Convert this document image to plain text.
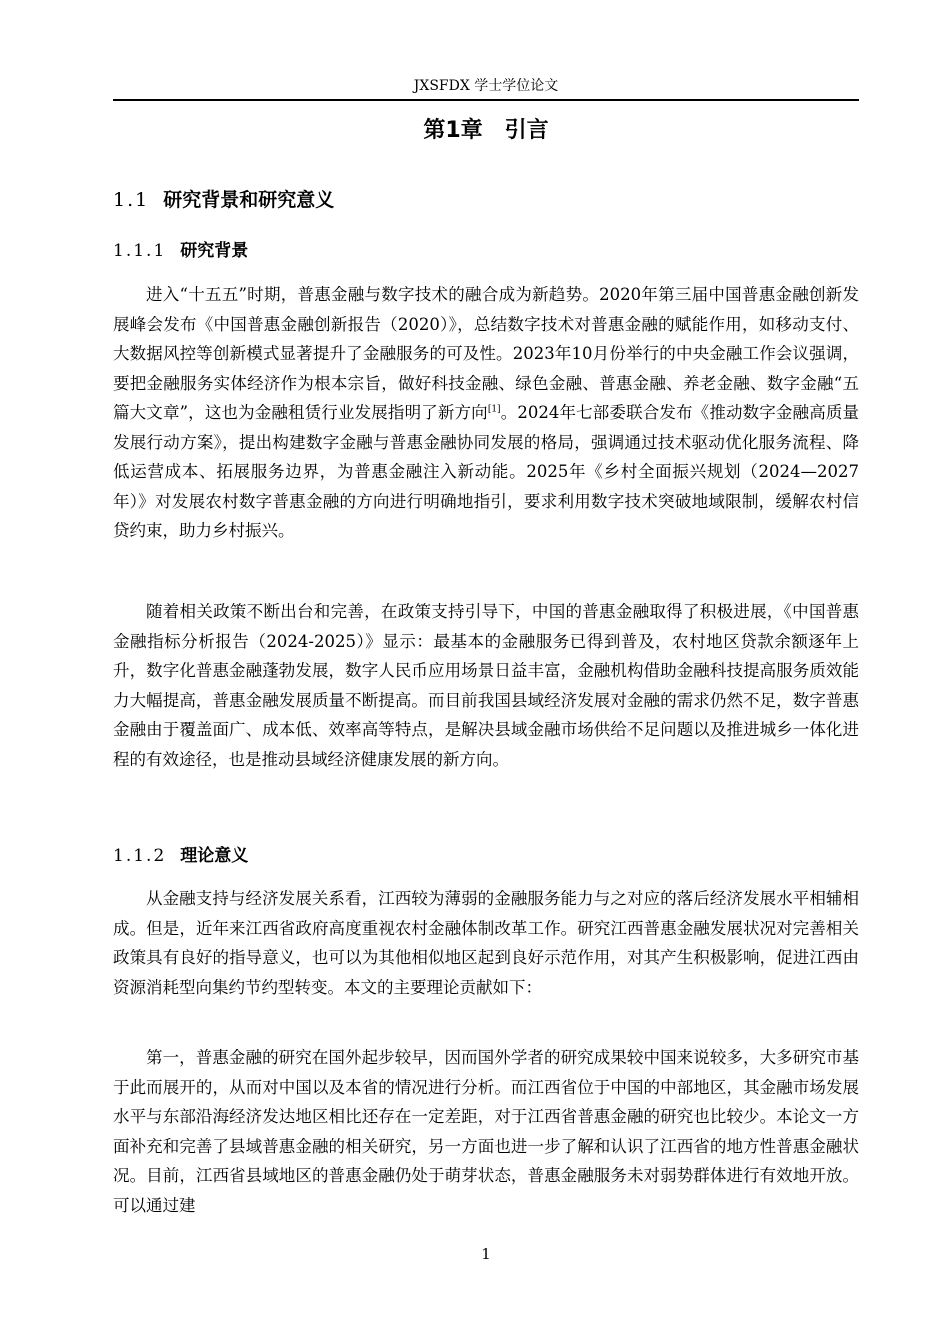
JXSFDX 学士学位论文
第1章　引言
1.1 研究背景和研究意义
1.1.1 研究背景

进入“十五五”时期，普惠金融与数字技术的融合成为新趋势。2020年第三届中国普惠金融创新发展峰会发布《中国普惠金融创新报告（2020）》，总结数字技术对普惠金融的赋能作用，如移动支付、大数据风控等创新模式显著提升了金融服务的可及性。2023年10月份举行的中央金融工作会议强调，要把金融服务实体经济作为根本宗旨，做好科技金融、绿色金融、普惠金融、养老金融、数字金融“五篇大文章”，这也为金融租赁行业发展指明了新方向[1]。2024年七部委联合发布《推动数字金融高质量发展行动方案》，提出构建数字金融与普惠金融协同发展的格局，强调通过技术驱动优化服务流程、降低运营成本、拓展服务边界，为普惠金融注入新动能。2025年《乡村全面振兴规划（2024—2027年）》对发展农村数字普惠金融的方向进行明确地指引，要求利用数字技术突破地域限制，缓解农村信贷约束，助力乡村振兴。

随着相关政策不断出台和完善，在政策支持引导下，中国的普惠金融取得了积极进展，《中国普惠金融指标分析报告（2024-2025）》显示：最基本的金融服务已得到普及，农村地区贷款余额逐年上升，数字化普惠金融蓬勃发展，数字人民币应用场景日益丰富，金融机构借助金融科技提高服务质效能力大幅提高，普惠金融发展质量不断提高。而目前我国县域经济发展对金融的需求仍然不足，数字普惠金融由于覆盖面广、成本低、效率高等特点，是解决县域金融市场供给不足问题以及推进城乡一体化进程的有效途径，也是推动县域经济健康发展的新方向。

1.1.2 理论意义

从金融支持与经济发展关系看，江西较为薄弱的金融服务能力与之对应的落后经济发展水平相辅相成。但是，近年来江西省政府高度重视农村金融体制改革工作。研究江西普惠金融发展状况对完善相关政策具有良好的指导意义，也可以为其他相似地区起到良好示范作用，对其产生积极影响，促进江西由资源消耗型向集约节约型转变。本文的主要理论贡献如下：

第一，普惠金融的研究在国外起步较早，因而国外学者的研究成果较中国来说较多，大多研究市基于此而展开的，从而对中国以及本省的情况进行分析。而江西省位于中国的中部地区，其金融市场发展水平与东部沿海经济发达地区相比还存在一定差距，对于江西省普惠金融的研究也比较少。本论文一方面补充和完善了县域普惠金融的相关研究，另一方面也进一步了解和认识了江西省的地方性普惠金融状况。目前，江西省县域地区的普惠金融仍处于萌芽状态，普惠金融服务未对弱势群体进行有效地开放。可以通过建

1
